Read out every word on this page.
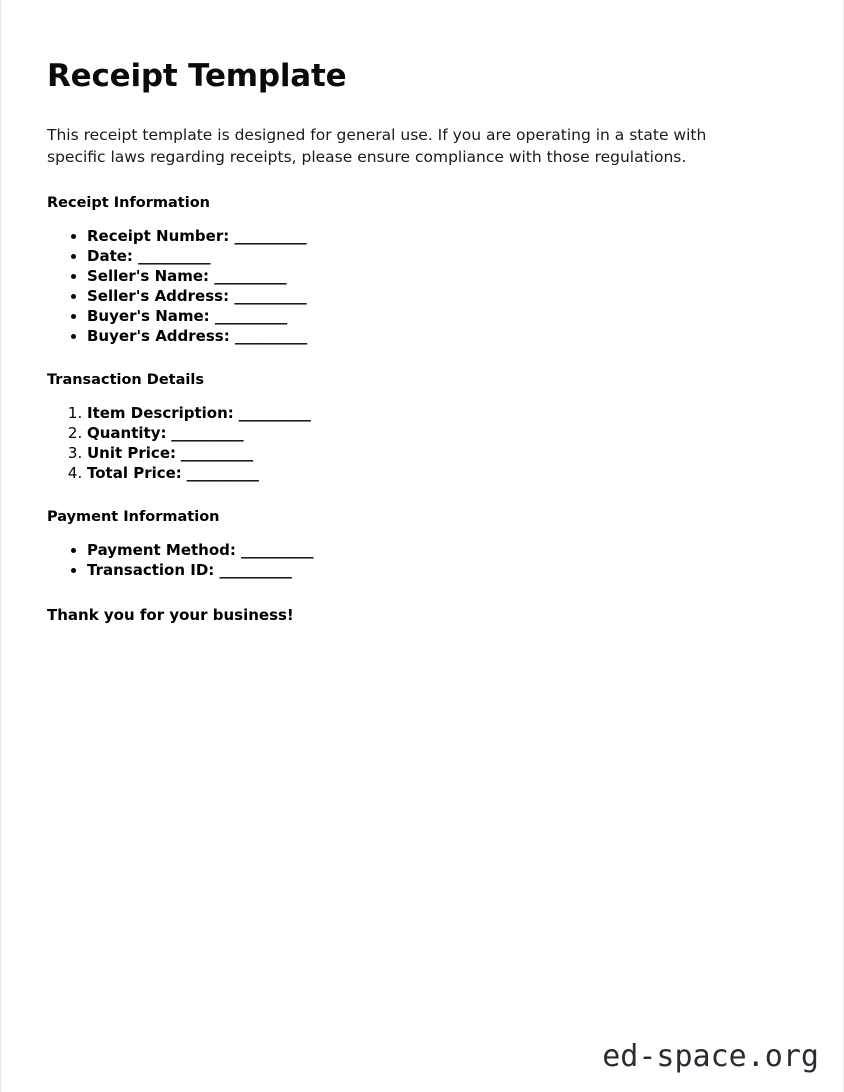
Receipt Template

This receipt template is designed for general use. If you are operating in a state with specific laws regarding receipts, please ensure compliance with those regulations.

Receipt Information
• Receipt Number: __________
• Date: __________
• Seller's Name: __________
• Seller's Address: __________
• Buyer's Name: __________
• Buyer's Address: __________
Transaction Details
1. Item Description: __________
2. Quantity: __________
3. Unit Price: __________
4. Total Price: __________
Payment Information
• Payment Method: __________
• Transaction ID: __________

Thank you for your business!

ed-space.org
